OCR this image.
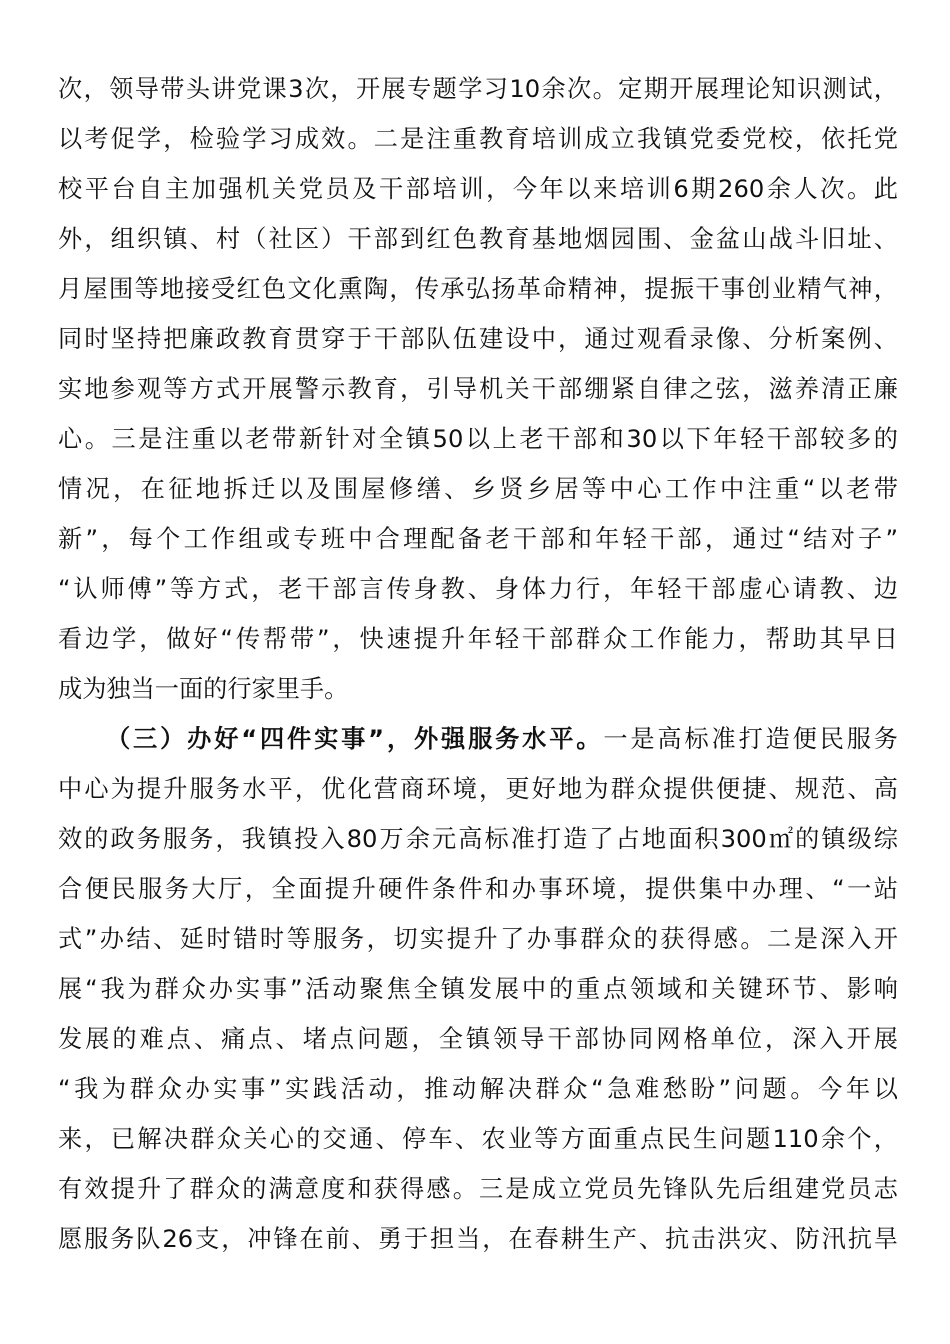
次，领导带头讲党课3次，开展专题学习10余次。定期开展理论知识测试，
以考促学，检验学习成效。二是注重教育培训成立我镇党委党校，依托党
校平台自主加强机关党员及干部培训，今年以来培训6期260余人次。此
外，组织镇、村（社区）干部到红色教育基地烟园围、金盆山战斗旧址、
月屋围等地接受红色文化熏陶，传承弘扬革命精神，提振干事创业精气神，
同时坚持把廉政教育贯穿于干部队伍建设中，通过观看录像、分析案例、
实地参观等方式开展警示教育，引导机关干部绷紧自律之弦，滋养清正廉
心。三是注重以老带新针对全镇50以上老干部和30以下年轻干部较多的
情况，在征地拆迁以及围屋修缮、乡贤乡居等中心工作中注重“以老带
新”，每个工作组或专班中合理配备老干部和年轻干部，通过“结对子”
“认师傅”等方式，老干部言传身教、身体力行，年轻干部虚心请教、边
看边学，做好“传帮带”，快速提升年轻干部群众工作能力，帮助其早日
成为独当一面的行家里手。
（三）办好“四件实事”，外强服务水平。一是高标准打造便民服务
中心为提升服务水平，优化营商环境，更好地为群众提供便捷、规范、高
效的政务服务，我镇投入80万余元高标准打造了占地面积300㎡的镇级综
合便民服务大厅，全面提升硬件条件和办事环境，提供集中办理、“一站
式”办结、延时错时等服务，切实提升了办事群众的获得感。二是深入开
展“我为群众办实事”活动聚焦全镇发展中的重点领域和关键环节、影响
发展的难点、痛点、堵点问题，全镇领导干部协同网格单位，深入开展
“我为群众办实事”实践活动，推动解决群众“急难愁盼”问题。今年以
来，已解决群众关心的交通、停车、农业等方面重点民生问题110余个，
有效提升了群众的满意度和获得感。三是成立党员先锋队先后组建党员志
愿服务队26支，冲锋在前、勇于担当，在春耕生产、抗击洪灾、防汛抗旱
